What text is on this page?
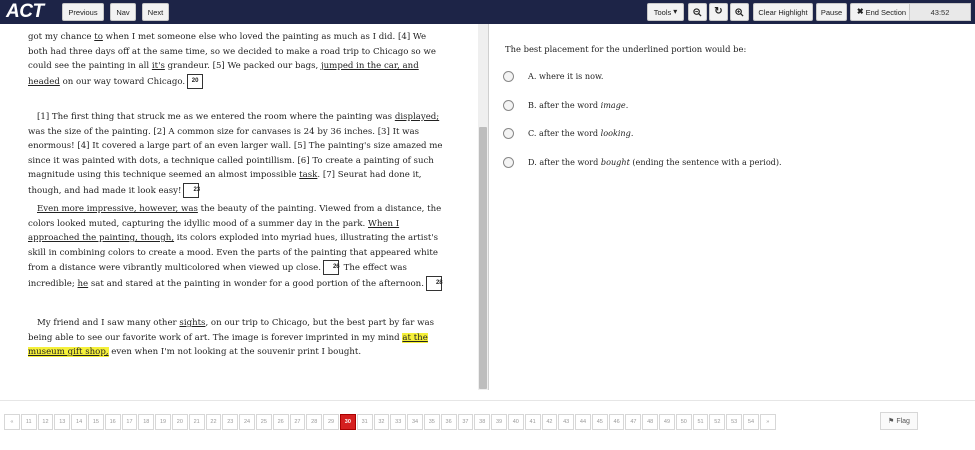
ACT	Previous	Nav	Next	Tools ▾	↻	Clear Highlight	Pause	✖ End Section	43:52
got my chance to when I met someone else who loved the painting as much as I did. [4] We both had three days off at the same time, so we decided to make a road trip to Chicago so we could see the painting in all it's grandeur. [5] We packed our bags, jumped in the car, and headed on our way toward Chicago. 20
[1] The first thing that struck me as we entered the room where the painting was displayed; was the size of the painting. [2] A common size for canvases is 24 by 36 inches. [3] It was enormous! [4] It covered a large part of an even larger wall. [5] The painting's size amazed me since it was painted with dots, a technique called pointillism. [6] To create a painting of such magnitude using this technique seemed an almost impossible task. [7] Seurat had done it, though, and had made it look easy! 23
Even more impressive, however, was the beauty of the painting. Viewed from a distance, the colors looked muted, capturing the idyllic mood of a summer day in the park. When I approached the painting, though, its colors exploded into myriad hues, illustrating the artist's skill in combining colors to create a mood. Even the parts of the painting that appeared white from a distance were vibrantly multicolored when viewed up close. 26 The effect was incredible; he sat and stared at the painting in wonder for a good portion of the afternoon. 28
My friend and I saw many other sights, on our trip to Chicago, but the best part by far was being able to see our favorite work of art. The image is forever imprinted in my mind at the museum gift shop, even when I'm not looking at the souvenir print I bought.
The best placement for the underlined portion would be:
A. where it is now.
B. after the word image.
C. after the word looking.
D. after the word bought (ending the sentence with a period).
«	11	12	13	14	15	16	17	18	19	20	21	22	23	24	25	26	27	28	29	30	31	32	33	34	35	36	37	38	39	40	41	42	43	44	45	46	47	48	49	50	51	52	53	54	»	⚑ Flag
